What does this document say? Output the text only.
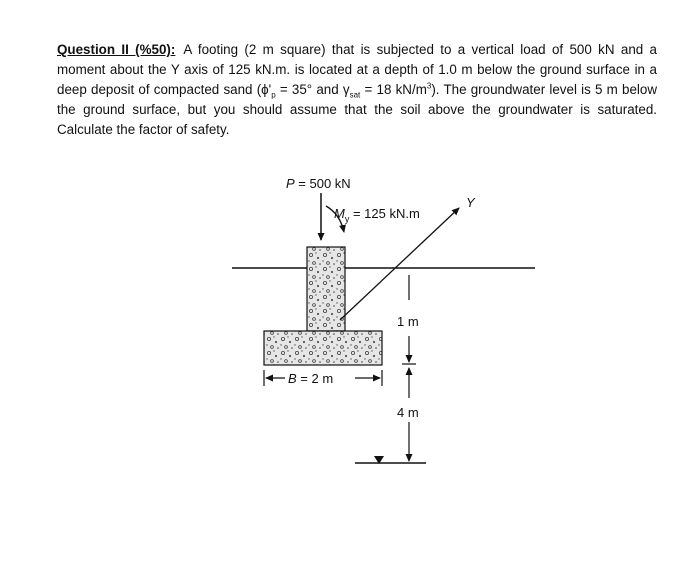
Question II (%50): A footing (2 m square) that is subjected to a vertical load of 500 kN and a moment about the Y axis of 125 kN.m. is located at a depth of 1.0 m below the ground surface in a deep deposit of compacted sand ($\phi'_p = 35^\circ$ and $\gamma_{sat} = 18$ $kN/m^3$). The groundwater level is 5 m below the ground surface, but you should assume that the soil above the groundwater is saturated. Calculate the factor of safety.
P = 500 kN
$M_y = 125$ kN.m
Y
1 m
B = 2 m
4 m
